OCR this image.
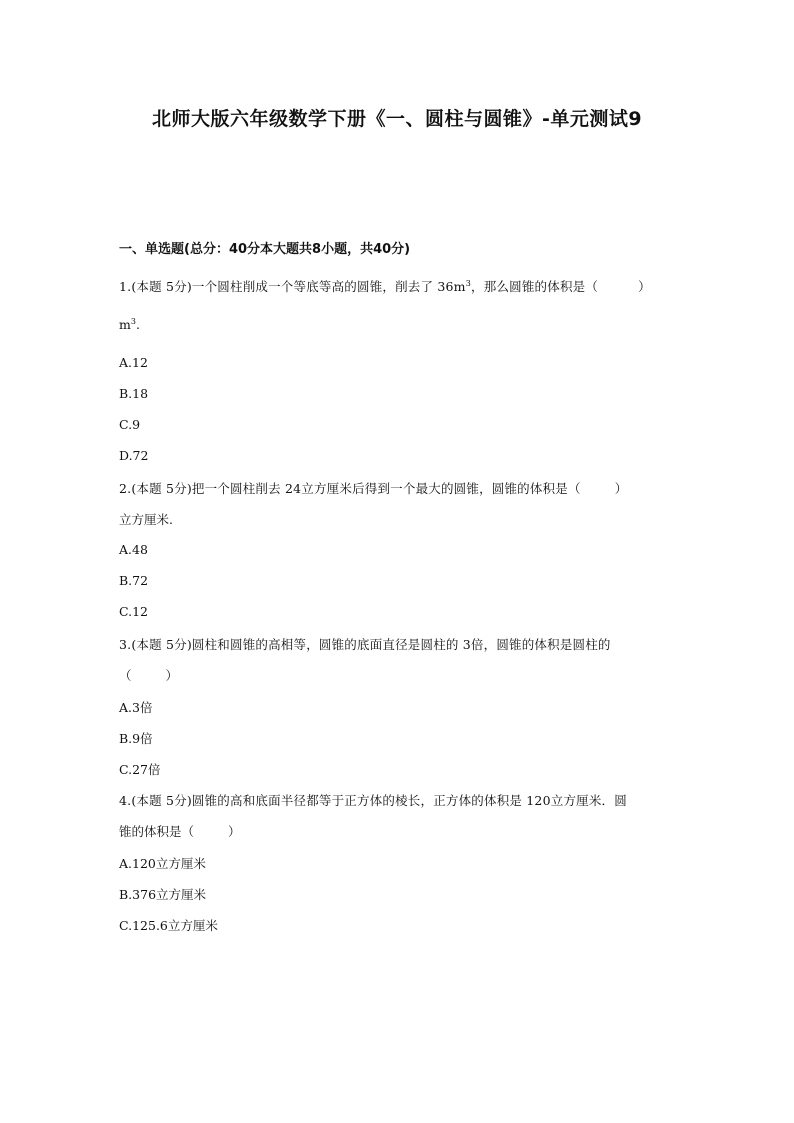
北师大版六年级数学下册《一、圆柱与圆锥》-单元测试9
一、单选题(总分：40分本大题共8小题，共40分)
1.(本题 5分)一个圆柱削成一个等底等高的圆锥，削去了 $36m^3$，那么圆锥的体积是（	）
$m^3$.
A.12
B.18
C.9
D.72
2.(本题 5分)把一个圆柱削去 24立方厘米后得到一个最大的圆锥，圆锥的体积是（	）
立方厘米.
A.48
B.72
C.12
3.(本题 5分)圆柱和圆锥的高相等，圆锥的底面直径是圆柱的 3倍，圆锥的体积是圆柱的
（	）
A.3倍
B.9倍
C.27倍
4.(本题 5分)圆锥的高和底面半径都等于正方体的棱长，正方体的体积是 120立方厘米．圆
锥的体积是（	）
A.120立方厘米
B.376立方厘米
C.125.6立方厘米
